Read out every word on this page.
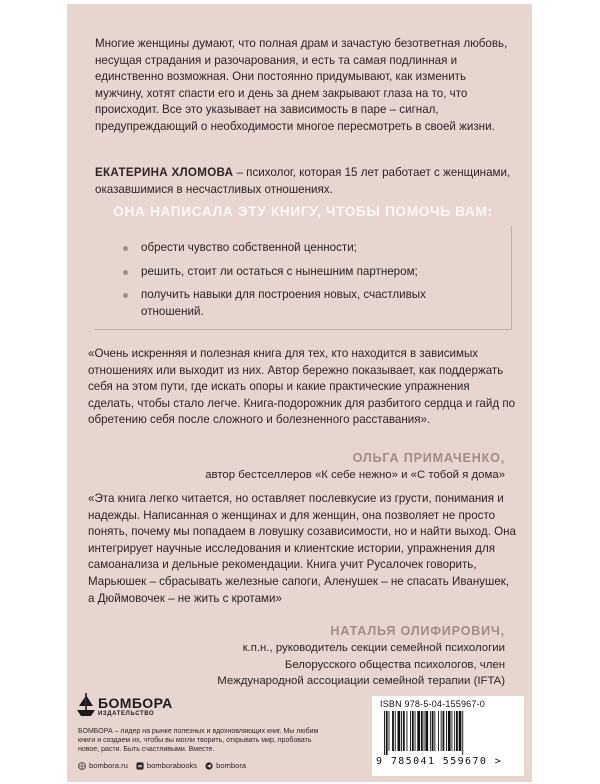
Многие женщины думают, что полная драм и зачастую безответная любовь, несущая страдания и разочарования, и есть та самая подлинная и единственно возможная. Они постоянно придумывают, как изменить мужчину, хотят спасти его и день за днем закрывают глаза на то, что происходит. Все это указывает на зависимость в паре – сигнал, предупреждающий о необходимости многое пересмотреть в своей жизни.

ЕКАТЕРИНА ХЛОМОВА – психолог, которая 15 лет работает с женщинами, оказавшимися в несчастливых отношениях.

ОНА НАПИСАЛА ЭТУ КНИГУ, ЧТОБЫ ПОМОЧЬ ВАМ:

обрести чувство собственной ценности;
решить, стоит ли остаться с нынешним партнером;
получить навыки для построения новых, счастливых отношений.

«Очень искренняя и полезная книга для тех, кто находится в зависимых отношениях или выходит из них. Автор бережно показывает, как поддержать себя на этом пути, где искать опоры и какие практические упражнения сделать, чтобы стало легче. Книга-подорожник для разбитого сердца и гайд по обретению себя после сложного и болезненного расставания».

ОЛЬГА ПРИМАЧЕНКО,

автор бестселлеров «К себе нежно» и «С тобой я дома»

«Эта книга легко читается, но оставляет послевкусие из грусти, понимания и надежды. Написанная о женщинах и для женщин, она позволяет не просто понять, почему мы попадаем в ловушку созависимости, но и найти выход. Она интегрирует научные исследования и клиентские истории, упражнения для самоанализа и дельные рекомендации. Книга учит Русалочек говорить, Марьюшек – сбрасывать железные сапоги, Аленушек – не спасать Иванушек, а Дюймовочек – не жить с кротами»

НАТАЛЬЯ ОЛИФИРОВИЧ,

к.п.н., руководитель секции семейной психологии Белорусского общества психологов, член Международной ассоциации семейной терапии (IFTA)

БОМБОРА
ИЗДАТЕЛЬСТВО

БОМБОРА – лидер на рынке полезных и вдохновляющих книг. Мы любим книги и создаем их, чтобы вы могли творить, открывать мир, пробовать новое, расти. Быть счастливыми. Вместе.

bombora.ru	bomborabooks	bombora
ISBN 978-5-04-155967-0
9 785041 559670 >
